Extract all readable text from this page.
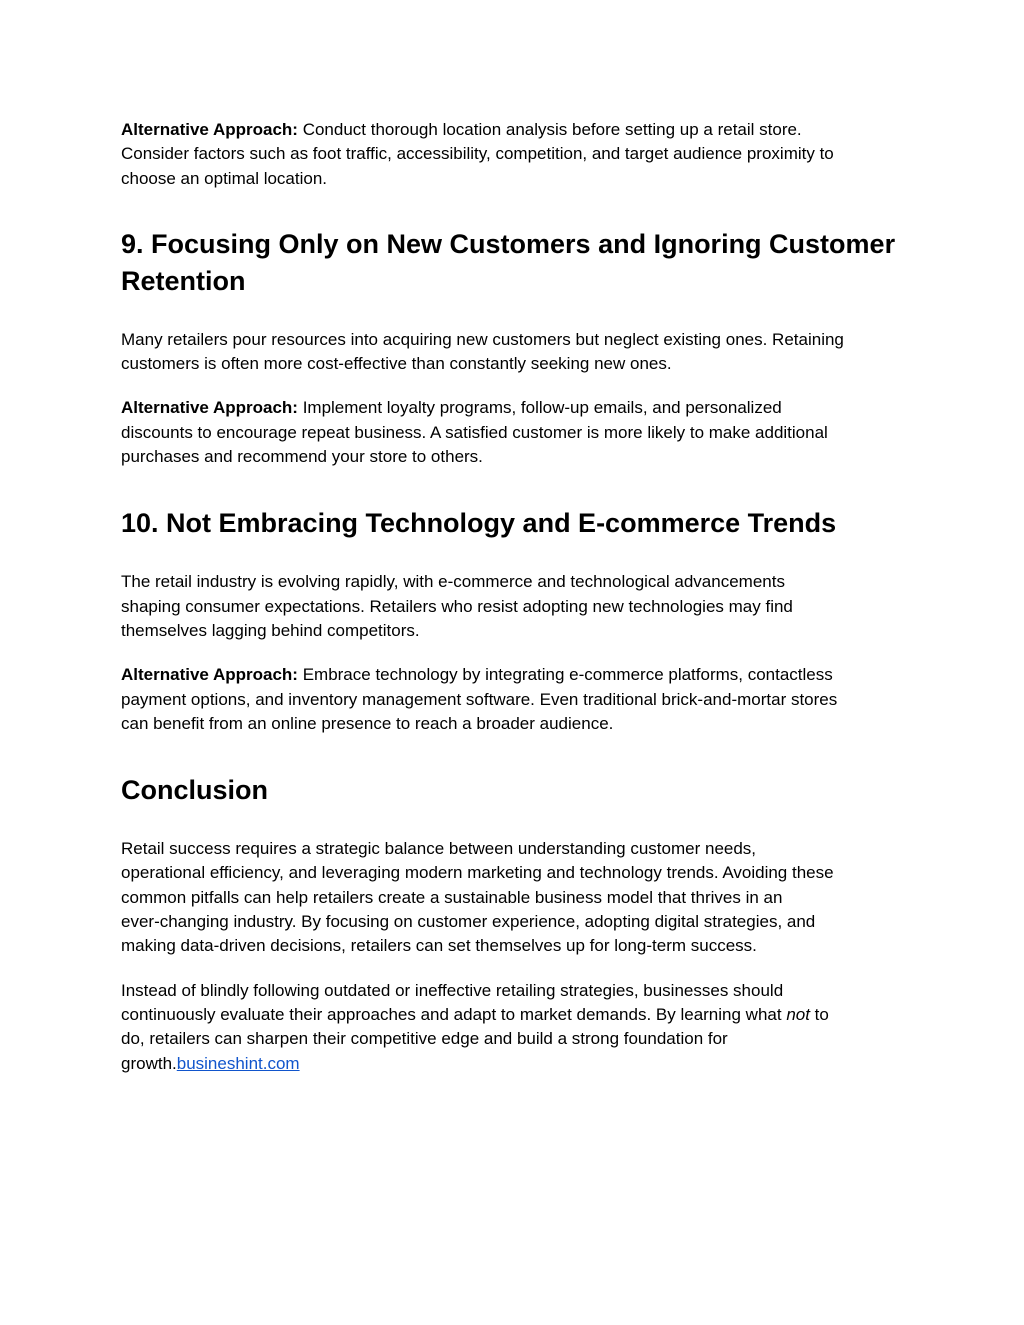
Alternative Approach: Conduct thorough location analysis before setting up a retail store.
Consider factors such as foot traffic, accessibility, competition, and target audience proximity to
choose an optimal location.

9. Focusing Only on New Customers and Ignoring Customer Retention

Many retailers pour resources into acquiring new customers but neglect existing ones. Retaining
customers is often more cost-effective than constantly seeking new ones.

Alternative Approach: Implement loyalty programs, follow-up emails, and personalized
discounts to encourage repeat business. A satisfied customer is more likely to make additional
purchases and recommend your store to others.

10. Not Embracing Technology and E-commerce Trends

The retail industry is evolving rapidly, with e-commerce and technological advancements
shaping consumer expectations. Retailers who resist adopting new technologies may find
themselves lagging behind competitors.

Alternative Approach: Embrace technology by integrating e-commerce platforms, contactless
payment options, and inventory management software. Even traditional brick-and-mortar stores
can benefit from an online presence to reach a broader audience.

Conclusion

Retail success requires a strategic balance between understanding customer needs,
operational efficiency, and leveraging modern marketing and technology trends. Avoiding these
common pitfalls can help retailers create a sustainable business model that thrives in an
ever-changing industry. By focusing on customer experience, adopting digital strategies, and
making data-driven decisions, retailers can set themselves up for long-term success.

Instead of blindly following outdated or ineffective retailing strategies, businesses should
continuously evaluate their approaches and adapt to market demands. By learning what not to
do, retailers can sharpen their competitive edge and build a strong foundation for
growth.busineshint.com
